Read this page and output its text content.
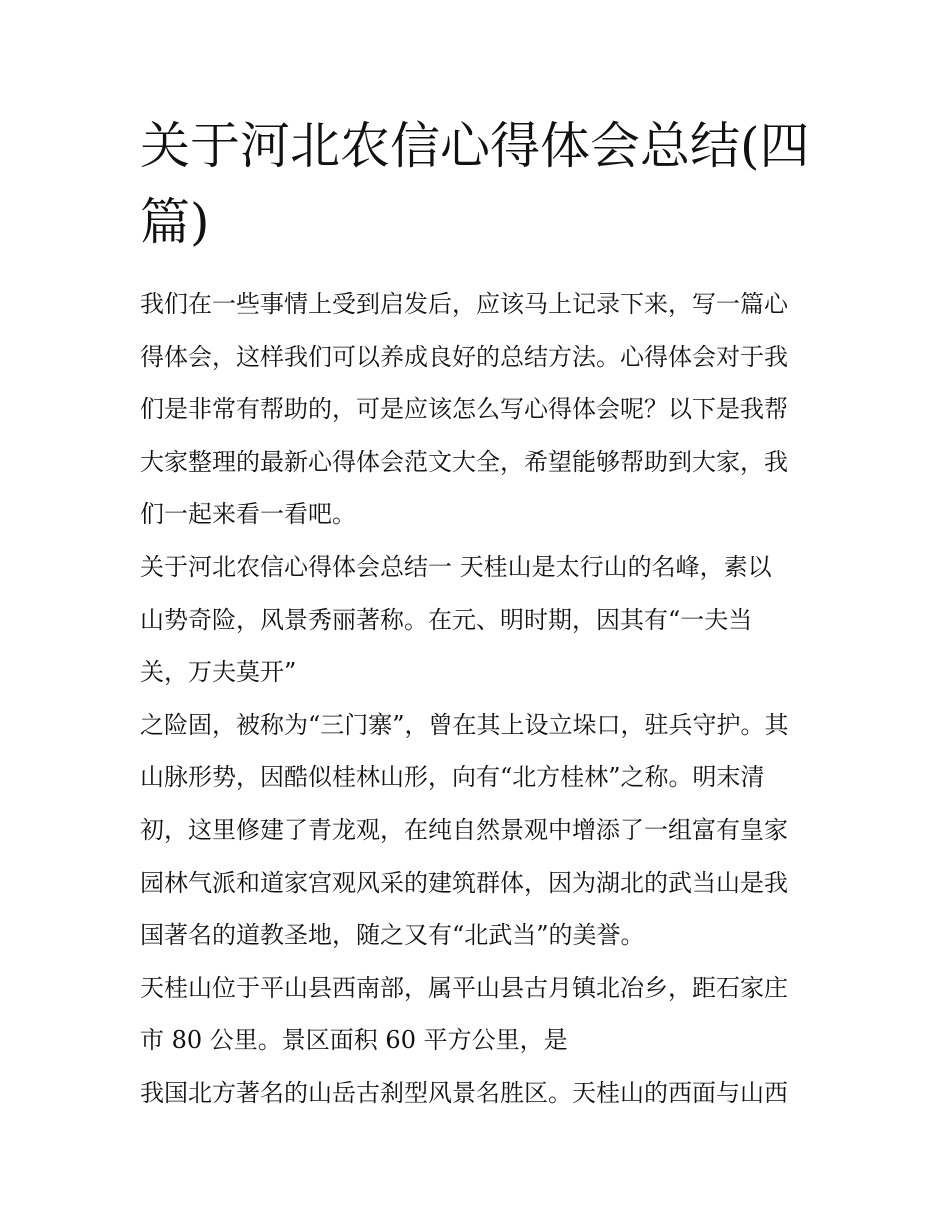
关于河北农信心得体会总结(四篇)
我们在一些事情上受到启发后，应该马上记录下来，写一篇心
得体会，这样我们可以养成良好的总结方法。心得体会对于我
们是非常有帮助的，可是应该怎么写心得体会呢？以下是我帮
大家整理的最新心得体会范文大全，希望能够帮助到大家，我
们一起来看一看吧。
关于河北农信心得体会总结一 天桂山是太行山的名峰，素以
山势奇险，风景秀丽著称。在元、明时期，因其有“一夫当
关，万夫莫开”
之险固，被称为“三门寨”，曾在其上设立垛口，驻兵守护。其
山脉形势，因酷似桂林山形，向有“北方桂林”之称。明末清
初，这里修建了青龙观，在纯自然景观中增添了一组富有皇家
园林气派和道家宫观风采的建筑群体，因为湖北的武当山是我
国著名的道教圣地，随之又有“北武当”的美誉。
天桂山位于平山县西南部，属平山县古月镇北冶乡，距石家庄
市 80 公里。景区面积 60 平方公里，是
我国北方著名的山岳古刹型风景名胜区。天桂山的西面与山西
